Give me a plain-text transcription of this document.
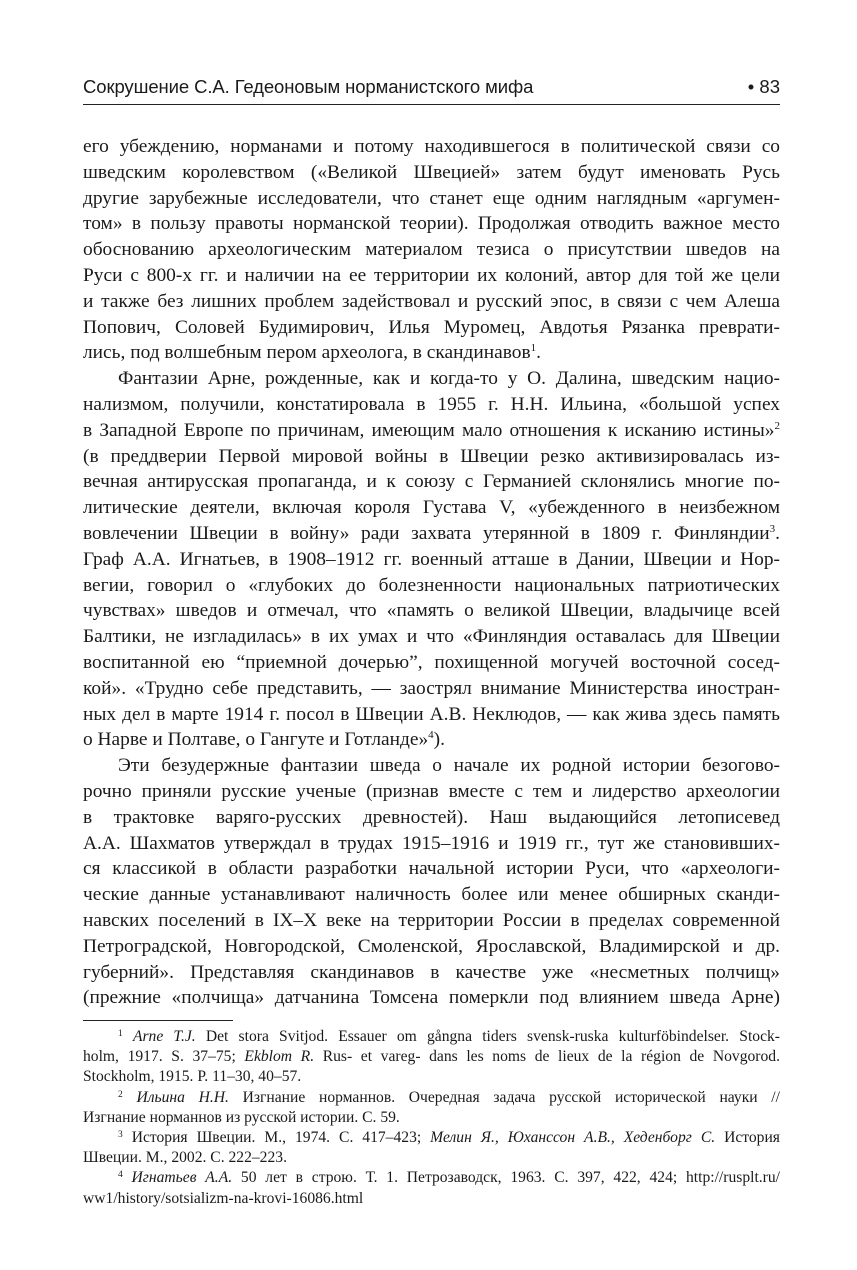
Сокрушение С.А. Гедеоновым норманистского мифа	• 83
его убеждению, норманами и потому находившегося в политической связи со
шведским королевством («Великой Швецией» затем будут именовать Русь
другие зарубежные исследователи, что станет еще одним наглядным «аргумен-
том» в пользу правоты норманской теории). Продолжая отводить важное место
обоснованию археологическим материалом тезиса о присутствии шведов на
Руси с 800-х гг. и наличии на ее территории их колоний, автор для той же цели
и также без лишних проблем задействовал и русский эпос, в связи с чем Алеша
Попович, Соловей Будимирович, Илья Муромец, Авдотья Рязанка преврати-
лись, под волшебным пером археолога, в скандинавов$^1$.
Фантазии Арне, рожденные, как и когда-то у О. Далина, шведским нацио-
нализмом, получили, констатировала в 1955 г. Н.Н. Ильина, «большой успех
в Западной Европе по причинам, имеющим мало отношения к исканию истины»$^2$
(в преддверии Первой мировой войны в Швеции резко активизировалась из-
вечная антирусская пропаганда, и к союзу с Германией склонялись многие по-
литические деятели, включая короля Густава V, «убежденного в неизбежном
вовлечении Швеции в войну» ради захвата утерянной в 1809 г. Финляндии$^3$.
Граф А.А. Игнатьев, в 1908–1912 гг. военный атташе в Дании, Швеции и Нор-
вегии, говорил о «глубоких до болезненности национальных патриотических
чувствах» шведов и отмечал, что «память о великой Швеции, владычице всей
Балтики, не изгладилась» в их умах и что «Финляндия оставалась для Швеции
воспитанной ею “приемной дочерью”, похищенной могучей восточной сосед-
кой». «Трудно себе представить, — заострял внимание Министерства иностран-
ных дел в марте 1914 г. посол в Швеции А.В. Неклюдов, — как жива здесь память
о Нарве и Полтаве, о Гангуте и Готланде»$^4$).
Эти безудержные фантазии шведа о начале их родной истории безогово-
рочно приняли русские ученые (признав вместе с тем и лидерство археологии
в трактовке варяго-русских древностей). Наш выдающийся летописевед
А.А. Шахматов утверждал в трудах 1915–1916 и 1919 гг., тут же становивших-
ся классикой в области разработки начальной истории Руси, что «археологи-
ческие данные устанавливают наличность более или менее обширных сканди-
навских поселений в IX–X веке на территории России в пределах современной
Петроградской, Новгородской, Смоленской, Ярославской, Владимирской и др.
губерний». Представляя скандинавов в качестве уже «несметных полчищ»
(прежние «полчища» датчанина Томсена померкли под влиянием шведа Арне)
$^1$ Arne T.J. Det stora Svitjod. Essauer om gångna tiders svensk-ruska kulturfӧbindelser. Stock-
holm, 1917. S. 37–75; Ekblom R. Rus- et vareg- dans les noms de lieux de la région de Novgorod.
Stockholm, 1915. P. 11–30, 40–57.
$^2$ Ильина Н.Н. Изгнание норманнов. Очередная задача русской исторической науки //
Изгнание норманнов из русской истории. С. 59.
$^3$ История Швеции. М., 1974. С. 417–423; Мелин Я., Юханссон А.В., Хеденборг С. История
Швеции. М., 2002. С. 222–223.
$^4$ Игнатьев А.А. 50 лет в строю. Т. 1. Петрозаводск, 1963. С. 397, 422, 424; http://rusplt.ru/
ww1/history/sotsializm-na-krovi-16086.html
